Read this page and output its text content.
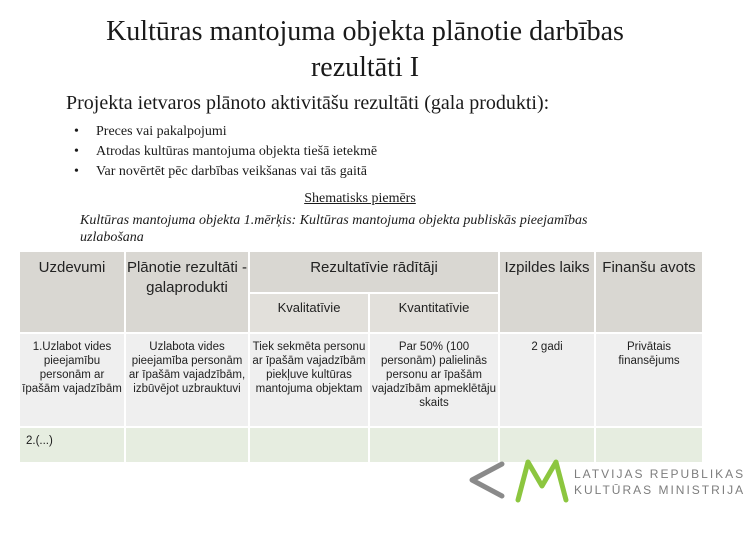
Kultūras mantojuma objekta plānotie darbības
rezultāti I
Projekta ietvaros plānoto aktivitāšu rezultāti (gala produkti):
• Preces vai pakalpojumi
• Atrodas kultūras mantojuma objekta tiešā ietekmē
• Var novērtēt pēc darbības veikšanas vai tās gaitā
Shematisks piemērs
Kultūras mantojuma objekta 1.mērķis: Kultūras mantojuma objekta publiskās pieejamības
uzlabošana
Uzdevumi	Plānotie rezultāti - galaprodukti	Rezultatīvie rādītāji		Izpildes laiks	Finanšu avots
		Kvalitatīvie	Kvantitatīvie		
1.Uzlabot vides pieejamību personām ar īpašām vajadzībām	Uzlabota vides pieejamība personām ar īpašām vajadzībām, izbūvējot uzbrauktuvi	Tiek sekmēta personu ar īpašām vajadzībām piekļuve kultūras mantojuma objektam	Par 50% (100 personām) palielinās personu ar īpašām vajadzībām apmeklētāju skaits	2 gadi	Privātais finansējums
2.(...)					
LATVIJAS REPUBLIKAS
KULTŪRAS MINISTRIJA
